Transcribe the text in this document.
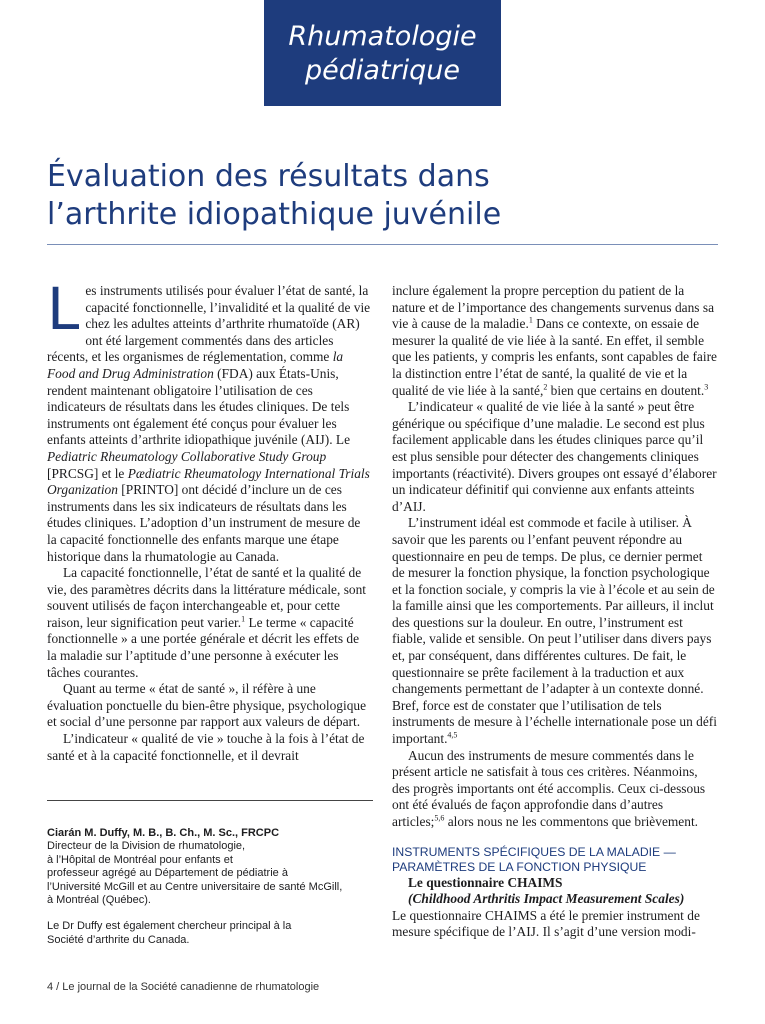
Rhumatologie
pédiatrique
Évaluation des résultats dans
l’arthrite idiopathique juvénile

Les instruments utilisés pour évaluer l’état de santé, la capacité fonctionnelle, l’invalidité et la qualité de vie chez les adultes atteints d’arthrite rhumatoïde (AR) ont été largement commentés dans des articles récents, et les organismes de réglementation, comme la Food and Drug Administration (FDA) aux États-Unis, rendent maintenant obligatoire l’utilisation de ces indicateurs de résultats dans les études cliniques. De tels instruments ont également été conçus pour évaluer les enfants atteints d’arthrite idiopathique juvénile (AIJ). Le Pediatric Rheumatology Collaborative Study Group [PRCSG] et le Pædiatric Rheumatology International Trials Organization [PRINTO] ont décidé d’inclure un de ces instruments dans les six indicateurs de résultats dans les études cliniques. L’adoption d’un instrument de mesure de la capacité fonctionnelle des enfants marque une étape historique dans la rhumatologie au Canada.

La capacité fonctionnelle, l’état de santé et la qualité de vie, des paramètres décrits dans la littérature médicale, sont souvent utilisés de façon interchangeable et, pour cette raison, leur signification peut varier.$^1$ Le terme « capacité fonctionnelle » a une portée générale et décrit les effets de la maladie sur l’aptitude d’une personne à exécuter les tâches courantes.

Quant au terme « état de santé », il réfère à une évaluation ponctuelle du bien-être physique, psychologique et social d’une personne par rapport aux valeurs de départ.

L’indicateur « qualité de vie » touche à la fois à l’état de santé et à la capacité fonctionnelle, et il devrait

Ciarán M. Duffy, M. B., B. Ch., M. Sc., FRCPC

Directeur de la Division de rhumatologie,

à l’Hôpital de Montréal pour enfants et

professeur agrégé au Département de pédiatrie à

l’Université McGill et au Centre universitaire de santé McGill,

à Montréal (Québec).

Le Dr Duffy est également chercheur principal à la

Société d’arthrite du Canada.

inclure également la propre perception du patient de la nature et de l’importance des changements survenus dans sa vie à cause de la maladie.$^1$ Dans ce contexte, on essaie de mesurer la qualité de vie liée à la santé. En effet, il semble que les patients, y compris les enfants, sont capables de faire la distinction entre l’état de santé, la qualité de vie et la qualité de vie liée à la santé,$^2$ bien que certains en doutent.$^3$

L’indicateur « qualité de vie liée à la santé » peut être générique ou spécifique d’une maladie. Le second est plus facilement applicable dans les études cliniques parce qu’il est plus sensible pour détecter des changements cliniques importants (réactivité). Divers groupes ont essayé d’élaborer un indicateur définitif qui convienne aux enfants atteints d’AIJ.

L’instrument idéal est commode et facile à utiliser. À savoir que les parents ou l’enfant peuvent répondre au questionnaire en peu de temps. De plus, ce dernier permet de mesurer la fonction physique, la fonction psychologique et la fonction sociale, y compris la vie à l’école et au sein de la famille ainsi que les comportements. Par ailleurs, il inclut des questions sur la douleur. En outre, l’instrument est fiable, valide et sensible. On peut l’utiliser dans divers pays et, par conséquent, dans différentes cultures. De fait, le questionnaire se prête facilement à la traduction et aux changements permettant de l’adapter à un contexte donné. Bref, force est de constater que l’utilisation de tels instruments de mesure à l’échelle internationale pose un défi important.$^{4,5}$

Aucun des instruments de mesure commentés dans le présent article ne satisfait à tous ces critères. Néanmoins, des progrès importants ont été accomplis. Ceux ci-dessous ont été évalués de façon approfondie dans d’autres articles;$^{5,6}$ alors nous ne les commentons que brièvement.

INSTRUMENTS SPÉCIFIQUES DE LA MALADIE —
PARAMÈTRES DE LA FONCTION PHYSIQUE

Le questionnaire CHAIMS

(Childhood Arthritis Impact Measurement Scales)

Le questionnaire CHAIMS a été le premier instrument de mesure spécifique de l’AIJ. Il s’agit d’une version modi-

4 / Le journal de la Société canadienne de rhumatologie
